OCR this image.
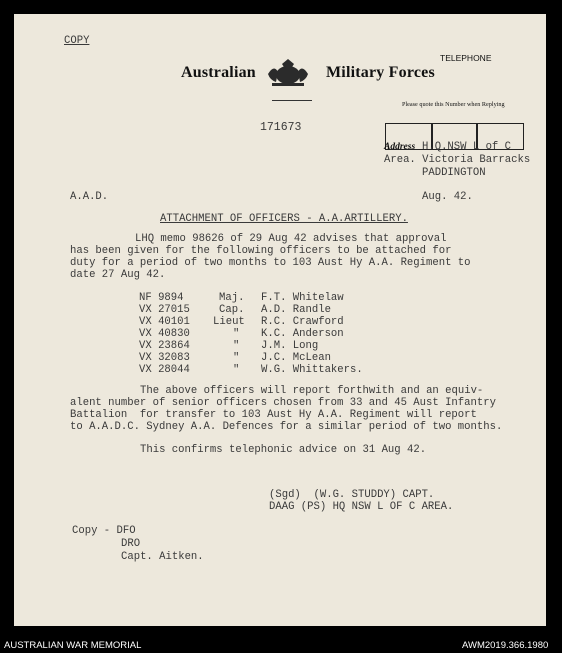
COPY
Australian	Military Forces
TELEPHONE
171673
Please quote this Number when Replying
Address H.Q.NSW L of C
Area. Victoria Barracks
PADDINGTON
Aug. 42.
A.A.D.
ATTACHMENT OF OFFICERS - A.A.ARTILLERY.
LHQ memo 98626 of 29 Aug 42 advises that approval
has been given for the following officers to be attached for
duty for a period of two months to 103 Aust Hy A.A. Regiment to
date 27 Aug 42.
NF 9894	Maj. F.T. Whitelaw
VX 27015	Cap. A.D. Randle
VX 40101 Lieut R.C. Crawford
VX 40830	" K.C. Anderson
VX 23864	" J.M. Long
VX 32083	" J.C. McLean
VX 28044	" W.G. Whittakers.
The above officers will report forthwith and an equiv-
alent number of senior officers chosen from 33 and 45 Aust Infantry
Battalion  for transfer to 103 Aust Hy A.A. Regiment will report
to A.A.D.C. Sydney A.A. Defences for a similar period of two months.
This confirms telephonic advice on 31 Aug 42.
(Sgd)  (W.G. STUDDY) CAPT.
DAAG (PS) HQ NSW L OF C AREA.
Copy - DFO
DRO
Capt. Aitken.
AUSTRALIAN WAR MEMORIAL	AWM2019.366.1980
